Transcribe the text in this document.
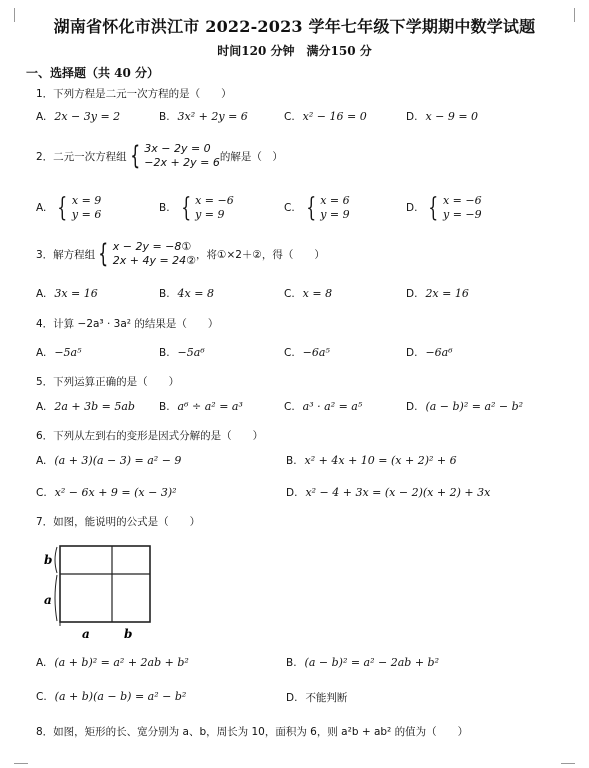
湖南省怀化市洪江市 2022-2023 学年七年级下学期期中数学试题
时间120 分钟　满分150 分
一、选择题（共 40 分）
1．下列方程是二元一次方程的是（　　）
A. 2x − 3y = 2	B. 3x² + 2y = 6	C. x² − 16 = 0	D. x − 9 = 0
2．二元一次方程组 { 3x − 2y = 0
−2x + 2y = 6 的解是（　）
A. { x = 9
y = 6	B. { x = −6
y = 9	C. { x = 6
y = 9	D. { x = −6
y = −9
3．解方程组 { x − 2y = −8①
2x + 4y = 24② ，将①×2＋②，得（　　）
A. 3x = 16	B. 4x = 8	C. x = 8	D. 2x = 16
4．计算 −2a³ · 3a² 的结果是（　　）
A. −5a⁵	B. −5a⁶	C. −6a⁵	D. −6a⁶
5．下列运算正确的是（　　）
A. 2a + 3b = 5ab B. a⁶ ÷ a² = a³	C. a³ · a² = a⁵	D. (a − b)² = a² − b²
6．下列从左到右的变形是因式分解的是（　　）
A. (a + 3)(a − 3) = a² − 9	B. x² + 4x + 10 = (x + 2)² + 6
C. x² − 6x + 9 = (x − 3)²	D. x² − 4 + 3x = (x − 2)(x + 2) + 3x
7．如图，能说明的公式是（　　）
b
a
a	b
A. (a + b)² = a² + 2ab + b²	B. (a − b)² = a² − 2ab + b²
C. (a + b)(a − b) = a² − b²	D. 不能判断
8．如图，矩形的长、宽分别为 a、b，周长为 10，面积为 6，则 a²b + ab² 的值为（　　）
